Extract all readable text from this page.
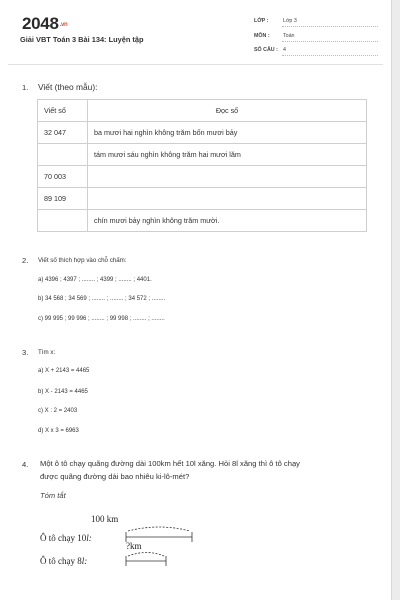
2048.vn
Giải VBT Toán 3 Bài 134: Luyện tập
LỚP :	Lớp 3
MÔN :	Toán
SỐ CÂU : 4
1. Viết (theo mẫu):
Viết số	Đọc số
32 047	ba mươi hai nghìn không trăm bốn mươi bảy
	tám mươi sáu nghìn không trăm hai mươi lăm
70 003	
89 109	
	chín mươi bảy nghìn không trăm mười.
2. Viết số thích hợp vào chỗ chấm:
a) 4396 ; 4397 ; ........ ; 4399 ; ........ ; 4401.
b) 34 568 ; 34 569 ; ........ ; ........ ; 34 572 ; ........
c) 99 995 ; 99 996 ; ........ ; 99 998 ; ........ ; ........
3. Tìm x:
a) X + 2143 = 4465
b) X - 2143 = 4465
c) X : 2 = 2403
d) X x 3 = 6963
4. Một ô tô chạy quãng đường dài 100km hết 10l xăng. Hỏi 8l xăng thì ô tô chạy
được quãng đường dài bao nhiêu ki-lô-mét?
Tóm tắt
100 km
Ô tô chạy 10l:
?km
Ô tô chạy 8l:
